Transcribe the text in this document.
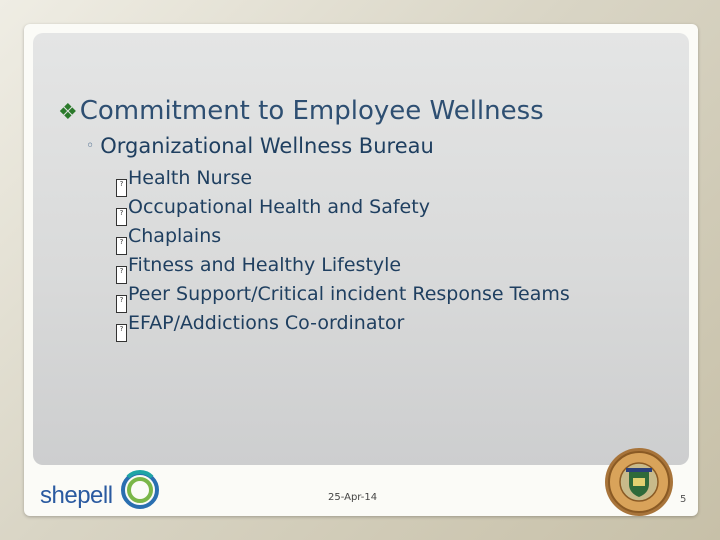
❖Commitment to Employee Wellness
◦ Organizational Wellness Bureau
? Health Nurse
? Occupational Health and Safety
? Chaplains
? Fitness and Healthy Lifestyle
? Peer Support/Critical incident Response Teams
? EFAP/Addictions Co-ordinator
shepell	25-Apr-14	5
